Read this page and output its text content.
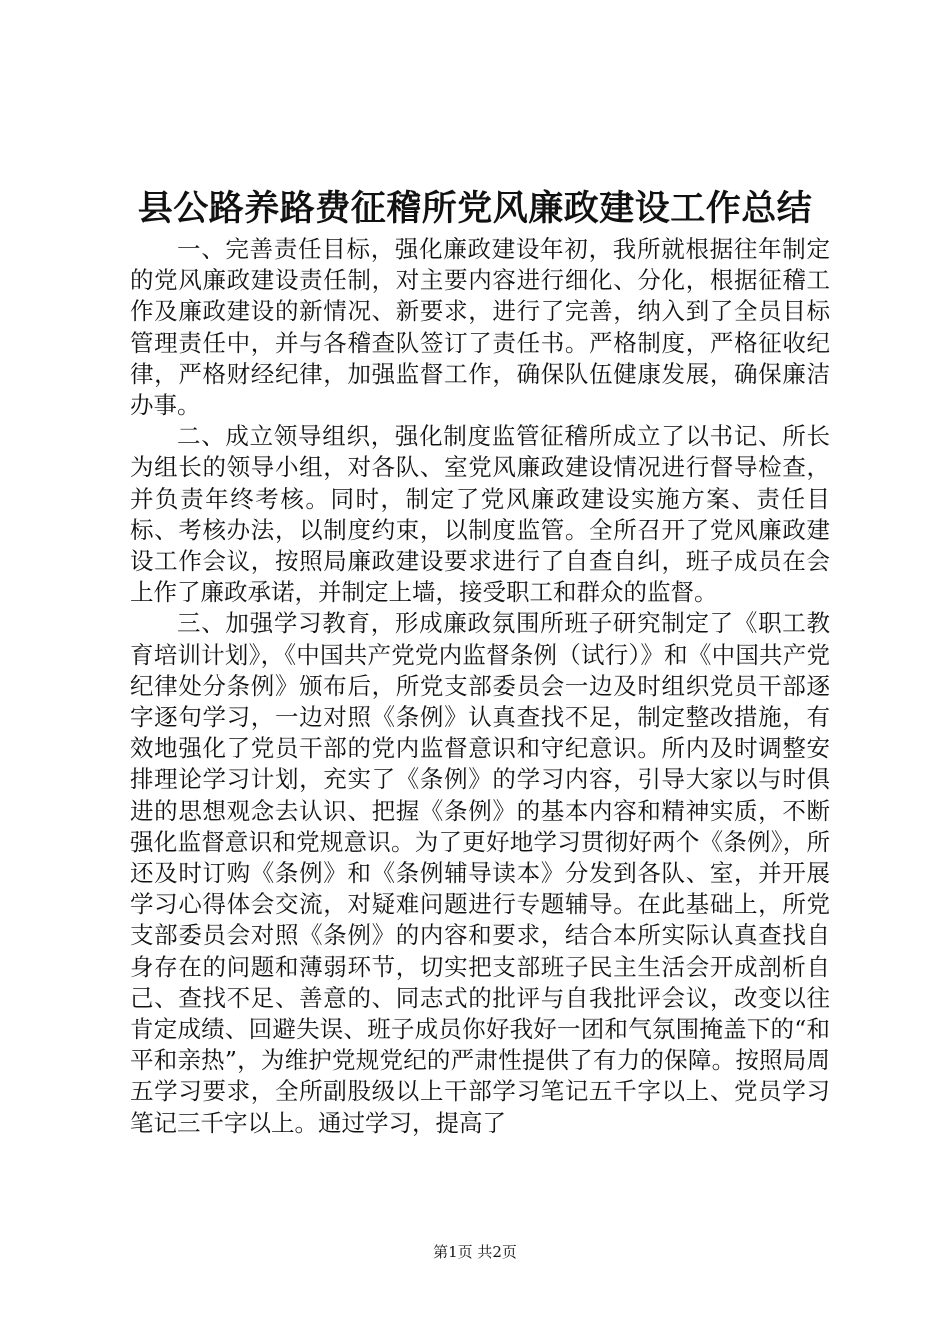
县公路养路费征稽所党风廉政建设工作总结

一、完善责任目标，强化廉政建设年初，我所就根据往年制定的党风廉政建设责任制，对主要内容进行细化、分化，根据征稽工作及廉政建设的新情况、新要求，进行了完善，纳入到了全员目标管理责任中，并与各稽查队签订了责任书。严格制度，严格征收纪律，严格财经纪律，加强监督工作，确保队伍健康发展，确保廉洁办事。

二、成立领导组织，强化制度监管征稽所成立了以书记、所长为组长的领导小组，对各队、室党风廉政建设情况进行督导检查，并负责年终考核。同时，制定了党风廉政建设实施方案、责任目标、考核办法，以制度约束，以制度监管。全所召开了党风廉政建设工作会议，按照局廉政建设要求进行了自查自纠，班子成员在会上作了廉政承诺，并制定上墙，接受职工和群众的监督。

三、加强学习教育，形成廉政氛围所班子研究制定了《职工教育培训计划》，《中国共产党党内监督条例（试行）》和《中国共产党纪律处分条例》颁布后，所党支部委员会一边及时组织党员干部逐字逐句学习，一边对照《条例》认真查找不足，制定整改措施，有效地强化了党员干部的党内监督意识和守纪意识。所内及时调整安排理论学习计划，充实了《条例》的学习内容，引导大家以与时俱进的思想观念去认识、把握《条例》的基本内容和精神实质，不断强化监督意识和党规意识。为了更好地学习贯彻好两个《条例》，所还及时订购《条例》和《条例辅导读本》分发到各队、室，并开展学习心得体会交流，对疑难问题进行专题辅导。在此基础上，所党支部委员会对照《条例》的内容和要求，结合本所实际认真查找自身存在的问题和薄弱环节，切实把支部班子民主生活会开成剖析自己、查找不足、善意的、同志式的批评与自我批评会议，改变以往肯定成绩、回避失误、班子成员你好我好一团和气氛围掩盖下的“和平和亲热”，为维护党规党纪的严肃性提供了有力的保障。按照局周五学习要求，全所副股级以上干部学习笔记五千字以上、党员学习笔记三千字以上。通过学习，提高了

第1页 共2页
